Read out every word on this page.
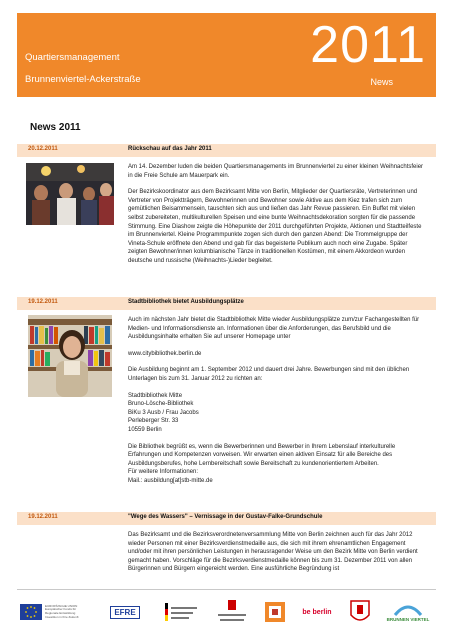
Quartiersmanagement
Brunnenviertel-Ackerstraße
2011
News
News 2011
20.12.2011	Rückschau auf das Jahr 2011

Am 14. Dezember luden die beiden Quartiersmanagements im Brunnenviertel zu einer kleinen Weihnachtsfeier in die Freie Schule am Mauerpark ein.

Der Bezirkskoordinator aus dem Bezirksamt Mitte von Berlin, Mitglieder der Quartiersräte, Vertreterinnen und Vertreter von Projektträgern, Bewohnerinnen und Bewohner sowie Aktive aus dem Kiez trafen sich zum gemütlichen Beisammensein, tauschten sich aus und ließen das Jahr Revue passieren. Ein Buffet mit vielen selbst zubereiteten, multikulturellen Speisen und eine bunte Weihnachtsdekoration sorgten für die passende Stimmung. Eine Diashow zeigte die Höhepunkte der 2011 durchgeführten Projekte, Aktionen und Stadtteilfeste im Brunnenviertel. Kleine Programmpunkte zogen sich durch den ganzen Abend: Die Trommelgruppe der Vineta-Schule eröffnete den Abend und gab für das begeisterte Publikum auch noch eine Zugabe. Später zeigten Bewohner/innen kolumbianische Tänze in traditionellen Kostümen, mit einem Akkordeon wurden deutsche und russische (Weihnachts-)Lieder begleitet.

19.12.2011	Stadtbibliothek bietet Ausbildungsplätze

Auch im nächsten Jahr bietet die Stadtbibliothek Mitte wieder Ausbildungsplätze zum/zur Fachangestellten für Medien- und Informationsdienste an. Informationen über die Anforderungen, das Berufsbild und die Ausbildungsinhalte erhalten Sie auf unserer Homepage unter

www.citybibliothek.berlin.de

Die Ausbildung beginnt am 1. September 2012 und dauert drei Jahre. Bewerbungen sind mit den üblichen Unterlagen bis zum 31. Januar 2012 zu richten an:

Stadtbibliothek Mitte
Bruno-Lösche-Bibliothek
BiKu 3 Ausb / Frau Jacobs
Perleberger Str. 33
10559 Berlin

Die Bibliothek begrüßt es, wenn die Bewerberinnen und Bewerber in Ihrem Lebenslauf interkulturelle Erfahrungen und Kompetenzen vorweisen. Wir erwarten einen aktiven Einsatz für alle Bereiche des Ausbildungsberufes, hohe Lernbereitschaft sowie Bereitschaft zu kundenorientiertem Arbeiten.
Für weitere Informationen:
Mail.: ausbildung[at]stb-mitte.de

19.12.2011	"Wege des Wassers" – Vernissage in der Gustav-Falke-Grundschule

Das Bezirksamt und die Bezirksverordnetenversammlung Mitte von Berlin zeichnen auch für das Jahr 2012 wieder Personen mit einer Bezirksverdienstmedaille aus, die sich mit ihrem ehrenamtlichen Engagement und/oder mit ihren persönlichen Leistungen in herausragender Weise um den Bezirk Mitte von Berlin verdient gemacht haben. Vorschläge für die Bezirksverdienstmedaille können bis zum 31. Dezember 2011 von allen Bürgerinnen und Bürgern eingereicht werden. Eine ausführliche Begründung ist

EUROPÄISCHE UNION Europäischer Fonds für Regionale Entwicklung Investition in Ihre Zukunft
EFRE	be berlin
BRUNNEN VIERTEL
